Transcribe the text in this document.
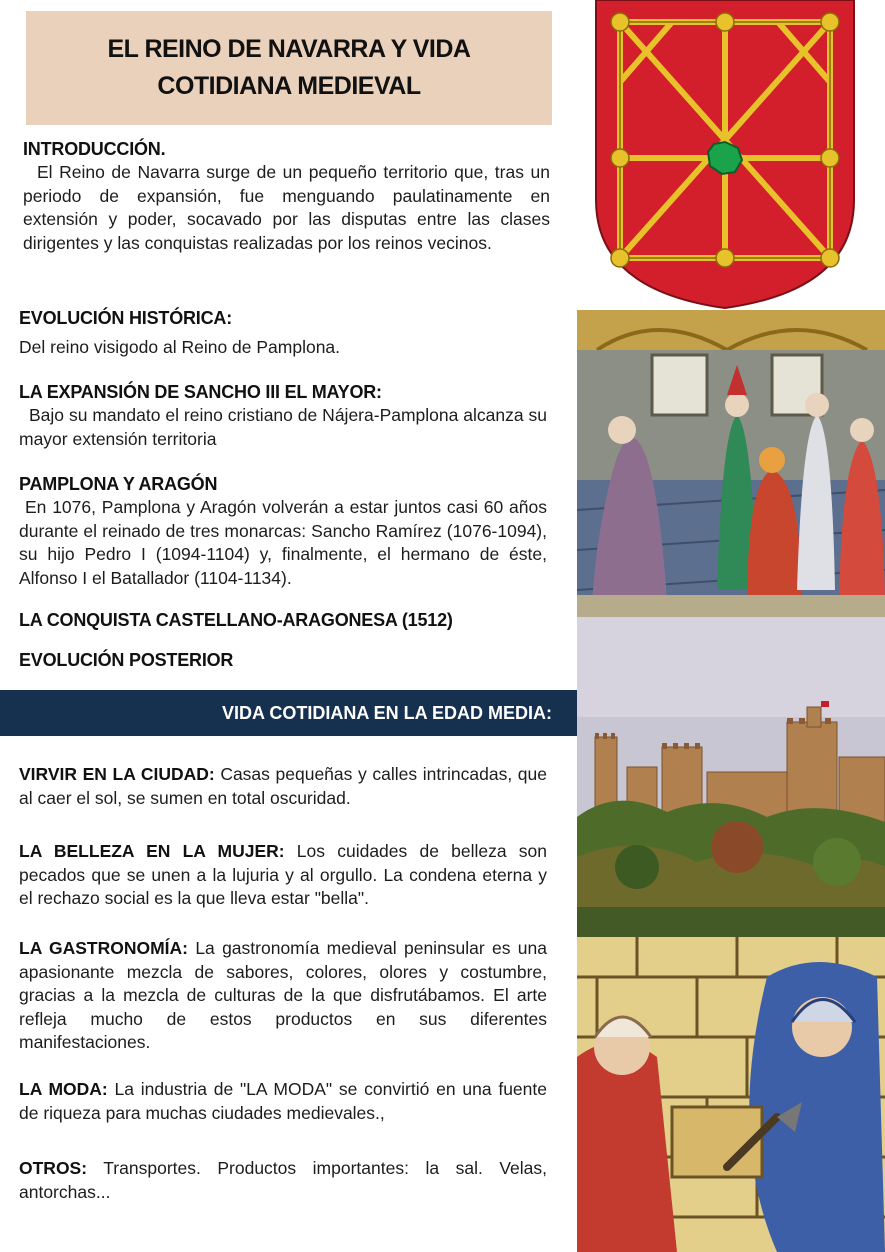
EL REINO DE NAVARRA Y VIDA
COTIDIANA MEDIEVAL
INTRODUCCIÓN.

El Reino de Navarra surge de un pequeño territorio que, tras un periodo de expansión, fue menguando paulatinamente en extensión y poder, socavado por las disputas entre las clases dirigentes y las conquistas realizadas por los reinos vecinos.

EVOLUCIÓN HISTÓRICA:

Del reino visigodo al Reino de Pamplona.

LA EXPANSIÓN DE SANCHO III EL MAYOR:

Bajo su mandato el reino cristiano de Nájera-Pamplona alcanza su mayor extensión territoria

PAMPLONA Y ARAGÓN

En 1076, Pamplona y Aragón volverán a estar juntos casi 60 años durante el reinado de tres monarcas: Sancho Ramírez (1076-1094), su hijo Pedro I (1094-1104) y, finalmente, el hermano de éste, Alfonso I el Batallador (1104-1134).

LA CONQUISTA CASTELLANO-ARAGONESA (1512)
EVOLUCIÓN POSTERIOR
VIDA COTIDIANA EN LA EDAD MEDIA:

VIRVIR EN LA CIUDAD: Casas pequeñas y calles intrincadas, que al caer el sol, se sumen en total oscuridad.

LA BELLEZA EN LA MUJER: Los cuidades de belleza son pecados que se unen a la lujuria y al orgullo. La condena eterna y el rechazo social es la que lleva estar "bella".

LA GASTRONOMÍA: La gastronomía medieval peninsular es una apasionante mezcla de sabores, colores, olores y costumbre, gracias a la mezcla de culturas de la que disfrutábamos. El arte refleja mucho de estos productos en sus diferentes manifestaciones.

LA MODA: La industria de "LA MODA" se convirtió en una fuente de riqueza para muchas ciudades medievales.,

OTROS: Transportes. Productos importantes: la sal. Velas, antorchas...
